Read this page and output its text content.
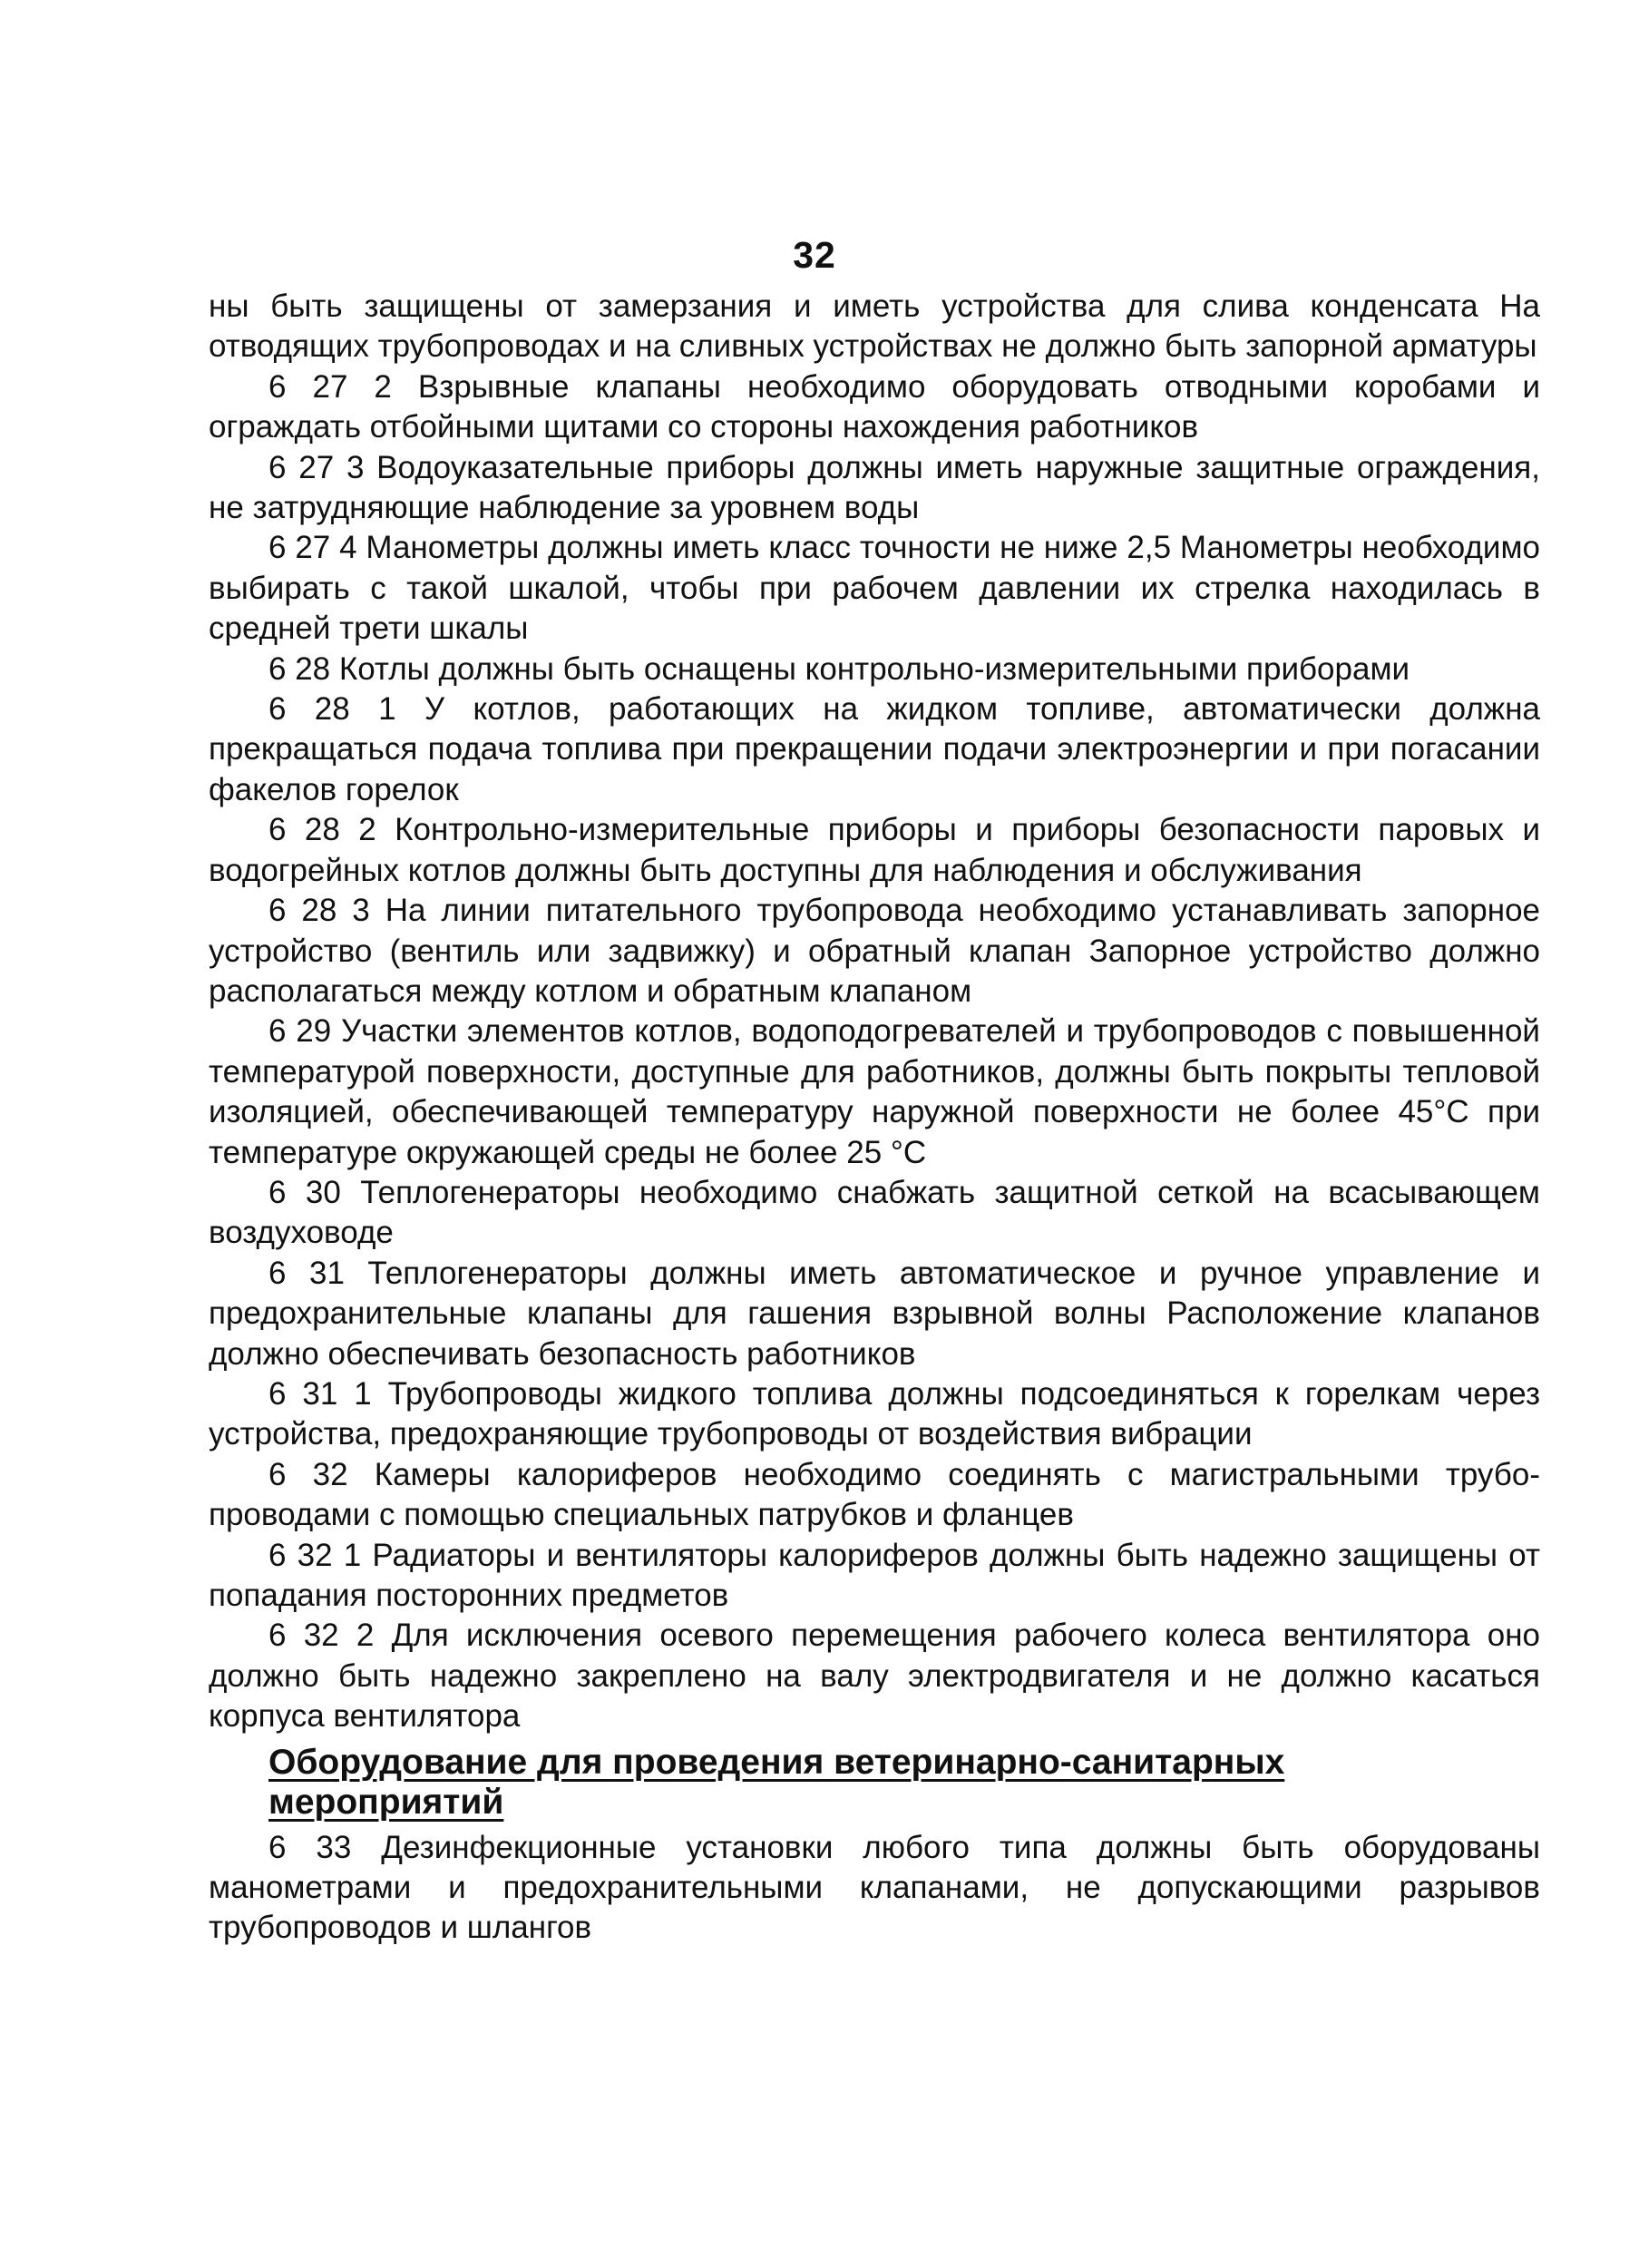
32

ны быть защищены от замерзания и иметь устройства для слива конденсата На отводящих трубопроводах и на сливных устройствах не должно быть запорной арматуры

6 27 2 Взрывные клапаны необходимо оборудовать отводными коробами и ограждать отбойными щитами со стороны нахождения работников

6 27 3 Водоуказательные приборы должны иметь наружные защитные ограждения, не затрудняющие наблюдение за уровнем воды

6 27 4 Манометры должны иметь класс точности не ниже 2,5 Манометры необходимо выбирать с такой шкалой, чтобы при рабочем давлении их стрелка находилась в средней трети шкалы

6 28 Котлы должны быть оснащены контрольно-измерительными приборами

6 28 1 У котлов, работающих на жидком топливе, автоматически должна прекращаться подача топлива при прекращении подачи электроэнергии и при погасании факелов горелок

6 28 2 Контрольно-измерительные приборы и приборы безопасности паровых и водогрейных котлов должны быть доступны для наблюдения и обслуживания

6 28 3 На линии питательного трубопровода необходимо устанавливать запорное устройство (вентиль или задвижку) и обратный клапан Запорное устройство должно располагаться между котлом и обратным клапаном

6 29 Участки элементов котлов, водоподогревателей и трубопроводов с повышенной температурой поверхности, доступные для работников, должны быть покрыты тепловой изоляцией, обеспечивающей температуру наружной поверхности не более 45°С при температуре окружающей среды не более 25 °С

6 30 Теплогенераторы необходимо снабжать защитной сеткой на всасывающем воздуховоде

6 31 Теплогенераторы должны иметь автоматическое и ручное управление и предохранительные клапаны для гашения взрывной волны Расположение клапанов должно обеспечивать безопасность работников

6 31 1 Трубопроводы жидкого топлива должны подсоединяться к горелкам через устройства, предохраняющие трубопроводы от воздействия вибрации

6 32 Камеры калориферов необходимо соединять с магистральными трубопроводами с помощью специальных патрубков и фланцев

6 32 1 Радиаторы и вентиляторы калориферов должны быть надежно защищены от попадания посторонних предметов

6 32 2 Для исключения осевого перемещения рабочего колеса вентилятора оно должно быть надежно закреплено на валу электродвигателя и не должно касаться корпуса вентилятора

Оборудование для проведения ветеринарно-санитарных мероприятий

6 33 Дезинфекционные установки любого типа должны быть оборудованы манометрами и предохранительными клапанами, не допускающими разрывов трубопроводов и шлангов
